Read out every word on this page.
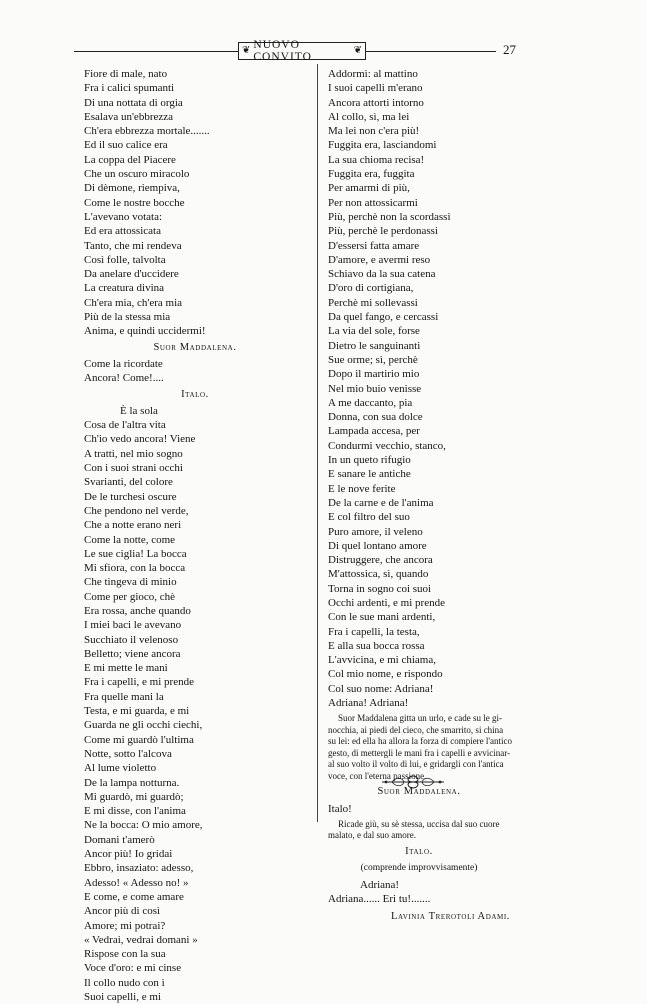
❦ NUOVO CONVITO
❦	27
Fiore di male, nato
Fra i calici spumanti
Di una nottata di orgia
Esalava un'ebbrezza
Ch'era ebbrezza mortale.......
Ed il suo calice era
La coppa del Piacere
Che un oscuro miracolo
Di dèmone, riempiva,
Come le nostre bocche
L'avevano votata:
Ed era attossicata
Tanto, che mi rendeva
Così folle, talvolta
Da anelare d'uccidere
La creatura divina
Ch'era mia, ch'era mia
Più de la stessa mia
Anima, e quindi uccidermi!
Suor Maddalena.
Come la ricordate
Ancora! Come!....
Italo.
È la sola
Cosa de l'altra vita
Ch'io vedo ancora! Viene
A tratti, nel mio sogno
Con i suoi strani occhi
Svarianti, del colore
De le turchesi oscure
Che pendono nel verde,
Che a notte erano neri
Come la notte, come
Le sue ciglia! La bocca
Mi sfiora, con la bocca
Che tingeva di minio
Come per gioco, chè
Era rossa, anche quando
I miei baci le avevano
Succhiato il velenoso
Belletto; viene ancora
E mi mette le mani
Fra i capelli, e mi prende
Fra quelle mani la
Testa, e mi guarda, e mi
Guarda ne gli occhi ciechi,
Come mi guardò l'ultima
Notte, sotto l'alcova
Al lume violetto
De la lampa notturna.
Mi guardò, mi guardò;
E mi disse, con l'anima
Ne la bocca: O mio amore,
Domani t'amerò
Ancor più! Io gridai
Ebbro, insaziato: adesso,
Adesso! « Adesso no! »
E come, e come amare
Ancor più di così
Amore; mi potrai?
« Vedrai, vedrai domani »
Rispose con la sua
Voce d'oro: e mi cinse
Il collo nudo con i
Suoi capelli, e mi
Addormì: al mattino
I suoi capelli m'erano
Ancora attorti intorno
Al collo, sì, ma lei
Ma lei non c'era più!
Fuggita era, lasciandomi
La sua chioma recisa!
Fuggita era, fuggita
Per amarmi di più,
Per non attossicarmi
Più, perchè non la scordassi
Più, perchè le perdonassi
D'essersi fatta amare
D'amore, e avermi reso
Schiavo da la sua catena
D'oro di cortigiana,
Perchè mi sollevassi
Da quel fango, e cercassi
La via del sole, forse
Dietro le sanguinanti
Sue orme; sì, perchè
Dopo il martirio mio
Nel mio buio venisse
A me daccanto, pia
Donna, con sua dolce
Lampada accesa, per
Condurmi vecchio, stanco,
In un queto rifugio
E sanare le antiche
E le nove ferite
De la carne e de l'anima
E col filtro del suo
Puro amore, il veleno
Di quel lontano amore
Distruggere, che ancora
M'attossica, sì, quando
Torna in sogno coi suoi
Occhi ardenti, e mi prende
Con le sue mani ardenti,
Fra i capelli, la testa,
E alla sua bocca rossa
L'avvicina, e mi chiama,
Col mio nome, e rispondo
Col suo nome: Adriana!
Adriana! Adriana!
Suor Maddalena gitta un urlo, e cade su le gi-
nocchia, ai piedi del cieco, che smarrito, si china
su lei: ed ella ha allora la forza di compiere l'antico
gesto, di mettergli le mani fra i capelli e avvicinar-
al suo volto il volto di lui, e gridargli con l'antica
voce, con l'eterna passione.
Suor Maddalena.
Italo!
Ricade giù, su sè stessa, uccisa dal suo cuore
malato, e dal suo amore.
Italo.
(comprende improvvisamente)
Adriana!
Adriana...... Eri tu!.......
Lavinia Trerotoli Adami.
